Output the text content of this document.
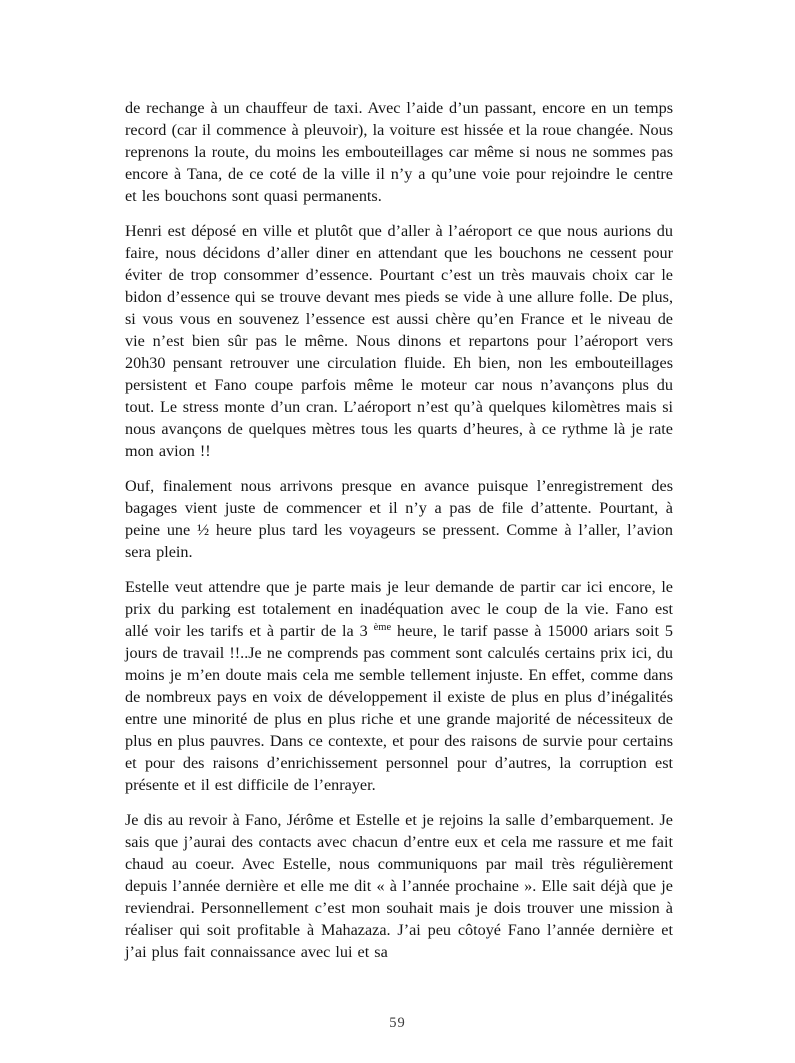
de rechange à un chauffeur de taxi. Avec l’aide d’un passant, encore en un temps record (car il commence à pleuvoir), la voiture est hissée et la roue changée. Nous reprenons la route, du moins les embouteillages car même si nous ne sommes pas encore à Tana, de ce coté de la ville il n’y a qu’une voie pour rejoindre le centre et les bouchons sont quasi permanents.

Henri est déposé en ville et plutôt que d’aller à l’aéroport ce que nous aurions du faire, nous décidons d’aller diner en attendant que les bouchons ne cessent pour éviter de trop consommer d’essence. Pourtant c’est un très mauvais choix car le bidon d’essence qui se trouve devant mes pieds se vide à une allure folle. De plus, si vous vous en souvenez l’essence est aussi chère qu’en France et le niveau de vie n’est bien sûr pas le même. Nous dinons et repartons pour l’aéroport vers 20h30 pensant retrouver une circulation fluide. Eh bien, non les embouteillages persistent et Fano coupe parfois même le moteur car nous n’avançons plus du tout. Le stress monte d’un cran. L’aéroport n’est qu’à quelques kilomètres mais si nous avançons de quelques mètres tous les quarts d’heures, à ce rythme là je rate mon avion !!

Ouf, finalement nous arrivons presque en avance puisque l’enregistrement des bagages vient juste de commencer et il n’y a pas de file d’attente. Pourtant, à peine une ½ heure plus tard les voyageurs se pressent. Comme à l’aller, l’avion sera plein.

Estelle veut attendre que je parte mais je leur demande de partir car ici encore, le prix du parking est totalement en inadéquation avec le coup de la vie. Fano est allé voir les tarifs et à partir de la 3 $^{ème}$ heure, le tarif passe à 15000 ariars soit 5 jours de travail !!..Je ne comprends pas comment sont calculés certains prix ici, du moins je m’en doute mais cela me semble tellement injuste. En effet, comme dans de nombreux pays en voix de développement il existe de plus en plus d’inégalités entre une minorité de plus en plus riche et une grande majorité de nécessiteux de plus en plus pauvres. Dans ce contexte, et pour des raisons de survie pour certains et pour des raisons d’enrichissement personnel pour d’autres, la corruption est présente et il est difficile de l’enrayer.

Je dis au revoir à Fano, Jérôme et Estelle et je rejoins la salle d’embarquement. Je sais que j’aurai des contacts avec chacun d’entre eux et cela me rassure et me fait chaud au coeur. Avec Estelle, nous communiquons par mail très régulièrement depuis l’année dernière et elle me dit « à l’année prochaine ». Elle sait déjà que je reviendrai. Personnellement c’est mon souhait mais je dois trouver une mission à réaliser qui soit profitable à Mahazaza. J’ai peu côtoyé Fano l’année dernière et j’ai plus fait connaissance avec lui et sa

59
